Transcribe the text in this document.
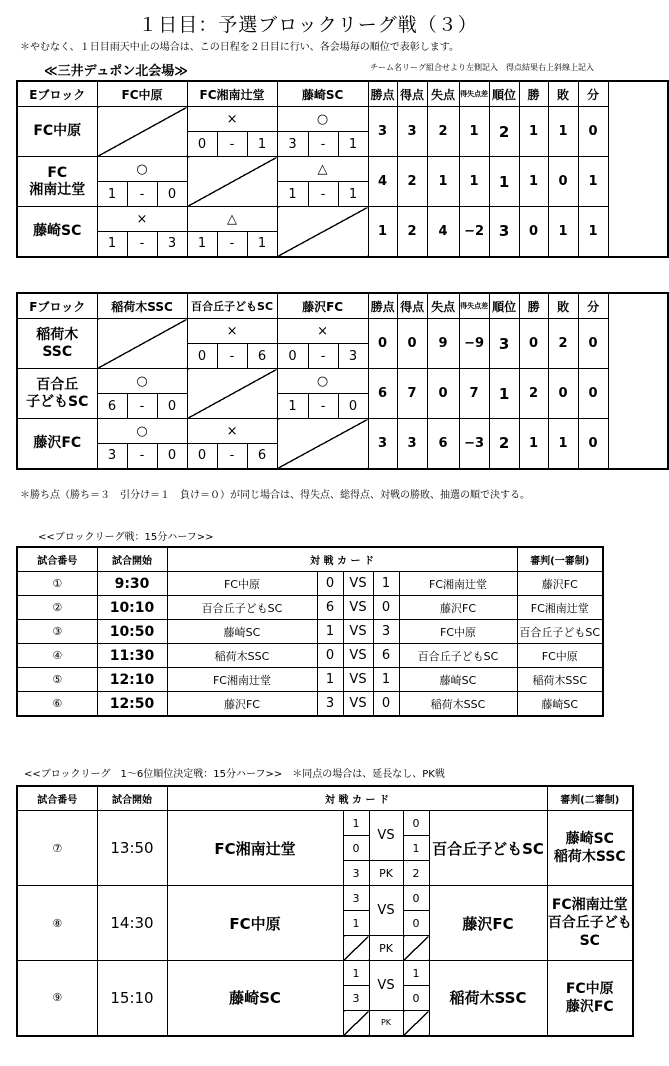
１日目：予選ブロックリーグ戦（３）
＊やむなく、１日目雨天中止の場合は、この日程を２日目に行い、各会場毎の順位で表彰します。
≪三井デュポン北会場≫	チーム名リーグ組合せより左側記入　得点結果右上斜線上記入
Eブロック	FC中原			FC湘南辻堂			藤崎SC			勝点	得点	失点	得失点差	順位	勝	敗	分

FC中原				×			○			3	3	2	1	2	1	1	0
				0	-	1	3	-	1								

FC
湘南辻堂	○						△			4	2	1	1	1	1	0	1
	1	-	0				1	-	1								

藤崎SC	×			△						1	2	4	−2	3	0	1	1
	1	-	3	1	-	1											
Fブロック	稲荷木SSC			百合丘子どもSC			藤沢FC			勝点	得点	失点	得失点差	順位	勝	敗	分

稲荷木
SSC				×			×			0	0	9	−9	3	0	2	0
				0	-	6	0	-	3								

百合丘
子どもSC	○						○			6	7	0	7	1	2	0	0
	6	-	0				1	-	0								

藤沢FC	○			×						3	3	6	−3	2	1	1	0
	3	-	0	0	-	6											
＊勝ち点（勝ち＝３　引分け＝１　負け＝０）が同じ場合は、得失点、総得点、対戦の勝敗、抽選の順で決する。
<<ブロックリーグ戦：15分ハーフ>>
試合番号	試合開始	対 戦 カ ー ド					審判(一審制)
①	9:30	FC中原	0	VS	1	FC湘南辻堂	藤沢FC
②	10:10	百合丘子どもSC	6	VS	0	藤沢FC	FC湘南辻堂
③	10:50	藤崎SC	1	VS	3	FC中原	百合丘子どもSC
④	11:30	稲荷木SSC	0	VS	6	百合丘子どもSC	FC中原
⑤	12:10	FC湘南辻堂	1	VS	1	藤崎SC	稲荷木SSC
⑥	12:50	藤沢FC	3	VS	0	稲荷木SSC	藤崎SC
<<ブロックリーグ　1〜6位順位決定戦：15分ハーフ>>　＊同点の場合は、延長なし、PK戦
試合番号	試合開始	対 戦 カ ー ド					審判(二審制)
⑦	13:50	FC湘南辻堂	1	VS	0	百合丘子どもSC	藤崎SC
稲荷木SSC

			0		1		
			3	PK	2		
⑧	14:30	FC中原	3	VS	0	藤沢FC	FC湘南辻堂
百合丘子どもSC

			1		0		
				PK			
⑨	15:10	藤崎SC	1	VS	1	稲荷木SSC	FC中原
藤沢FC

			3		0		
				PK			
